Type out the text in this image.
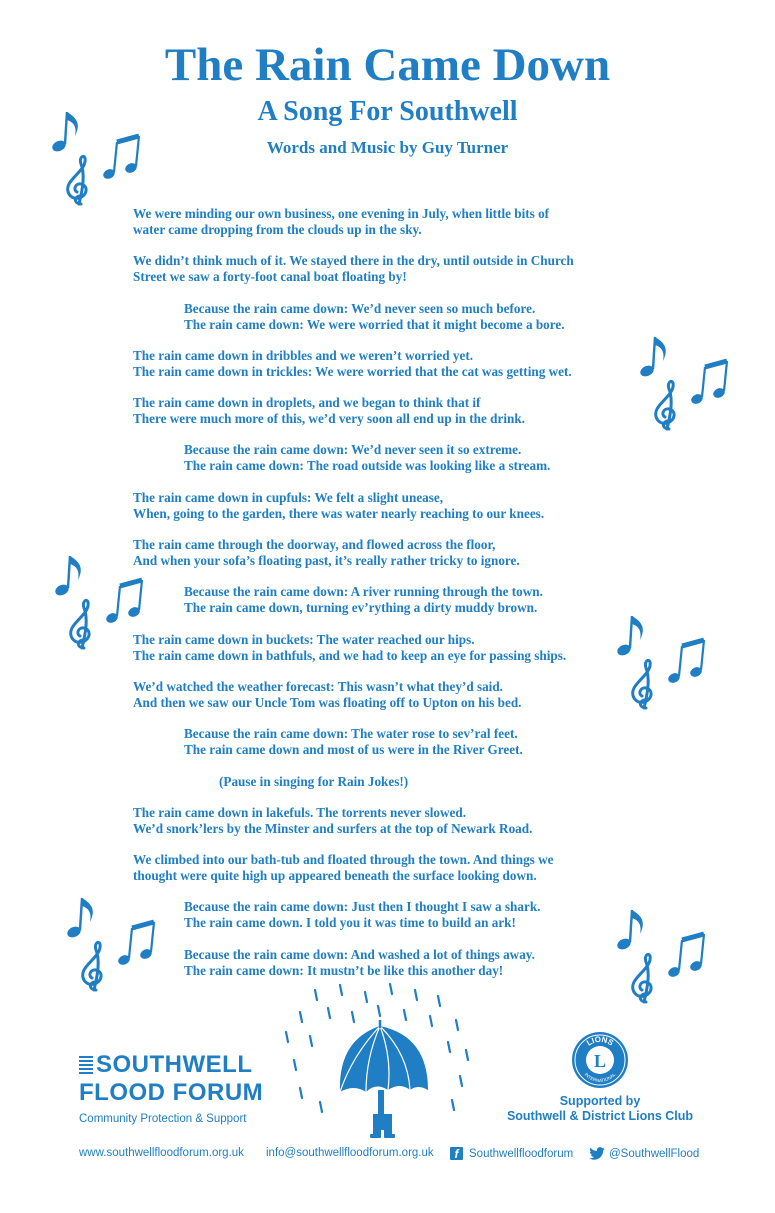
The Rain Came Down
A Song For Southwell
Words and Music by Guy Turner
We were minding our own business, one evening in July, when little bits of
water came dropping from the clouds up in the sky.
We didn’t think much of it. We stayed there in the dry, until outside in Church
Street we saw a forty-foot canal boat floating by!
Because the rain came down: We’d never seen so much before.
The rain came down: We were worried that it might become a bore.
The rain came down in dribbles and we weren’t worried yet.
The rain came down in trickles: We were worried that the cat was getting wet.
The rain came down in droplets, and we began to think that if
There were much more of this, we’d very soon all end up in the drink.
Because the rain came down: We’d never seen it so extreme.
The rain came down: The road outside was looking like a stream.
The rain came down in cupfuls: We felt a slight unease,
When, going to the garden, there was water nearly reaching to our knees.
The rain came through the doorway, and flowed across the floor,
And when your sofa’s floating past, it’s really rather tricky to ignore.
Because the rain came down: A river running through the town.
The rain came down, turning ev’rything a dirty muddy brown.
The rain came down in buckets: The water reached our hips.
The rain came down in bathfuls, and we had to keep an eye for passing ships.
We’d watched the weather forecast: This wasn’t what they’d said.
And then we saw our Uncle Tom was floating off to Upton on his bed.
Because the rain came down: The water rose to sev’ral feet.
The rain came down and most of us were in the River Greet.
(Pause in singing for Rain Jokes!)
The rain came down in lakefuls. The torrents never slowed.
We’d snork’lers by the Minster and surfers at the top of Newark Road.
We climbed into our bath-tub and floated through the town. And things we
thought were quite high up appeared beneath the surface looking down.
Because the rain came down: Just then I thought I saw a shark.
The rain came down. I told you it was time to build an ark!
Because the rain came down: And washed a lot of things away.
The rain came down: It mustn’t be like this another day!
SOUTHWELL
FLOOD FORUM
Community Protection & Support
LIONS
INTERNATIONAL
L
Supported by
Southwell & District Lions Club
www.southwellfloodforum.org.uk info@southwellfloodforum.org.uk	f Southwellfloodforum	@SouthwellFlood
